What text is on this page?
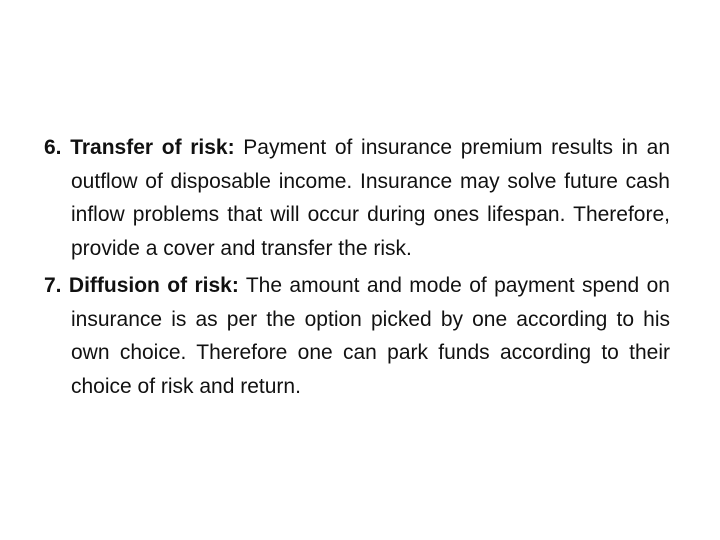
6. Transfer of risk: Payment of insurance premium results in an outflow of disposable income. Insurance may solve future cash inflow problems that will occur during ones lifespan. Therefore, provide a cover and transfer the risk.

7. Diffusion of risk: The amount and mode of payment spend on insurance is as per the option picked by one according to his own choice. Therefore one can park funds according to their choice of risk and return.
